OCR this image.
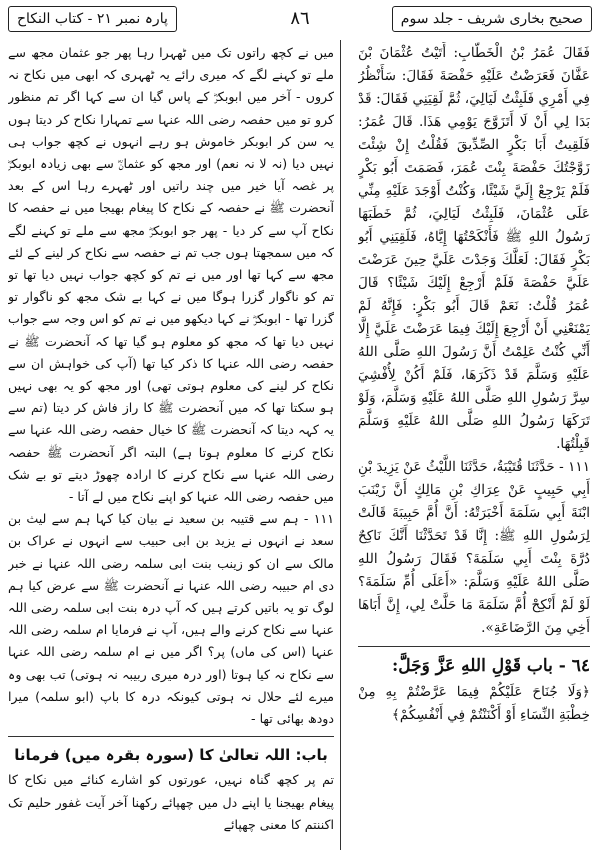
پارہ نمبر ۲۱ - کتاب النکاح	٨٦	صحیح بخاری شریف - جلد سوم

فَقَالَ عُمَرُ بْنُ الْخَطَّابِ: أَتَيْتُ عُثْمَانَ بْنَ عَفَّانَ فَعَرَضْتُ عَلَيْهِ حَفْصَةَ فَقَالَ: سَأَنْظُرُ فِي أَمْرِي فَلَبِثْتُ لَيَالِيَ، ثُمَّ لَقِيَنِي فَقَالَ: قَدْ بَدَا لِي أَنْ لَا أَتَزَوَّجَ يَوْمِي هَذَا. قَالَ عُمَرُ: فَلَقِيتُ أَبَا بَكْرٍ الصِّدِّيقَ فَقُلْتُ إِنْ شِئْتَ زَوَّجْتُكَ حَفْصَةَ بِنْتَ عُمَرَ، فَصَمَتَ أَبُو بَكْرٍ فَلَمْ يَرْجِعْ إِلَيَّ شَيْئًا، وَكُنْتُ أَوْجَدَ عَلَيْهِ مِنِّي عَلَى عُثْمَانَ، فَلَبِثْتُ لَيَالِيَ، ثُمَّ خَطَبَهَا رَسُولُ اللهِ ﷺ فَأَنْكَحْتُهَا إِيَّاهُ، فَلَقِيَنِي أَبُو بَكْرٍ فَقَالَ: لَعَلَّكَ وَجَدْتَ عَلَيَّ حِينَ عَرَضْتَ عَلَيَّ حَفْصَةَ فَلَمْ أَرْجِعْ إِلَيْكَ شَيْئًا؟ قَالَ عُمَرُ قُلْتُ: نَعَمْ قَالَ أَبُو بَكْرٍ: فَإِنَّهُ لَمْ يَمْنَعْنِي أَنْ أَرْجِعَ إِلَيْكَ فِيمَا عَرَضْتَ عَلَيَّ إِلَّا أَنِّي كُنْتُ عَلِمْتُ أَنَّ رَسُولَ اللهِ صَلَّى اللهُ عَلَيْهِ وَسَلَّمَ قَدْ ذَكَرَهَا، فَلَمْ أَكُنْ لِأُفْشِيَ سِرَّ رَسُولِ اللهِ صَلَّى اللهُ عَلَيْهِ وَسَلَّمَ، وَلَوْ تَرَكَهَا رَسُولُ اللهِ صَلَّى اللهُ عَلَيْهِ وَسَلَّمَ قَبِلْتُهَا.

١١١ - حَدَّثَنَا قُتَيْبَةُ، حَدَّثَنَا اللَّيْثُ عَنْ يَزِيدَ بْنِ أَبِي حَبِيبٍ عَنْ عِرَاكِ بْنِ مَالِكٍ أَنَّ زَيْنَبَ ابْنَةَ أَبِي سَلَمَةَ أَخْبَرَتْهُ: أَنَّ أُمَّ حَبِيبَةَ قَالَتْ لِرَسُولِ اللهِ ﷺ: إِنَّا قَدْ تَحَدَّثْنَا أَنَّكَ نَاكِحٌ دُرَّةَ بِنْتَ أَبِي سَلَمَةَ؟ فَقَالَ رَسُولُ اللهِ صَلَّى اللهُ عَلَيْهِ وَسَلَّمَ: «أَعَلَى أُمِّ سَلَمَةَ؟ لَوْ لَمْ أَنْكِحْ أُمَّ سَلَمَةَ مَا حَلَّتْ لِي، إِنَّ أَبَاهَا أَخِي مِنَ الرَّضَاعَةِ».

٦٤ - باب قَوْلِ اللهِ عَزَّ وَجَلَّ:

﴿وَلَا جُنَاحَ عَلَيْكُمْ فِيمَا عَرَّضْتُمْ بِهِ مِنْ خِطْبَةِ النِّسَاءِ أَوْ أَكْنَنْتُمْ فِي أَنْفُسِكُمْ﴾

میں نے کچھ راتوں تک میں ٹھہرا رہا پھر جو عثمان مجھ سے ملے تو کہنے لگے کہ میری رائے یہ ٹھہری کہ ابھی میں نکاح نہ کروں - آخر میں ابوبکرؓ کے پاس گیا ان سے کہا اگر تم منظور کرو تو میں حفصہ رضی اللہ عنہا سے تمہارا نکاح کر دیتا ہوں یہ سن کر ابوبکر خاموش ہو رہے انہوں نے کچھ جواب ہی نہیں دیا (نہ لا نہ نعم) اور مجھ کو عثمانؓ سے بھی زیادہ ابوبکرؓ پر غصہ آیا خیر میں چند راتیں اور ٹھہرے رہا اس کے بعد آنحضرت ﷺ نے حفصہ کے نکاح کا پیغام بھیجا میں نے حفصہ کا نکاح آپ سے کر دیا - پھر جو ابوبکرؓ مجھ سے ملے تو کہنے لگے کہ میں سمجھتا ہوں جب تم نے حفصہ سے نکاح کر لینے کے لئے مجھ سے کہا تھا اور میں نے تم کو کچھ جواب نہیں دیا تھا تو تم کو ناگوار گزرا ہوگا میں نے کہا بے شک مجھ کو ناگوار تو گزرا تھا - ابوبکرؓ نے کہا دیکھو میں نے تم کو اس وجہ سے جواب نہیں دیا تھا کہ مجھ کو معلوم ہو گیا تھا کہ آنحضرت ﷺ نے حفصہ رضی اللہ عنہا کا ذکر کیا تھا (آپ کی خواہش ان سے نکاح کر لینے کی معلوم ہوتی تھی) اور مجھ کو یہ بھی نہیں ہو سکتا تھا کہ میں آنحضرت ﷺ کا راز فاش کر دیتا (تم سے یہ کہہ دیتا کہ آنحضرت ﷺ کا خیال حفصہ رضی اللہ عنہا سے نکاح کرنے کا معلوم ہوتا ہے) البتہ اگر آنحضرت ﷺ حفصہ رضی اللہ عنہا سے نکاح کرنے کا ارادہ چھوڑ دیتے تو بے شک میں حفصہ رضی اللہ عنہا کو اپنے نکاح میں لے آتا -

۱۱۱ - ہم سے قتیبہ بن سعید نے بیان کیا کہا ہم سے لیث بن سعد نے انہوں نے یزید بن ابی حبیب سے انہوں نے عراک بن مالک سے ان کو زینب بنت ابی سلمہ رضی اللہ عنہا نے خبر دی ام حبیبہ رضی اللہ عنہا نے آنحضرت ﷺ سے عرض کیا ہم لوگ تو یہ باتیں کرتے ہیں کہ آپ درہ بنت ابی سلمہ رضی اللہ عنہا سے نکاح کرنے والے ہیں، آپ نے فرمایا ام سلمہ رضی اللہ عنہا (اس کی ماں) پر؟ اگر میں نے ام سلمہ رضی اللہ عنہا سے نکاح نہ کیا ہوتا (اور درہ میری ربیبہ نہ ہوتی) تب بھی وہ میرے لئے حلال نہ ہوتی کیونکہ درہ کا باپ (ابو سلمہ) میرا دودھ بھائی تھا -

باب: اللہ تعالیٰ کا (سورہ بقرہ میں) فرمانا

تم پر کچھ گناہ نہیں، عورتوں کو اشارے کنائے میں نکاح کا پیغام بھیجنا یا اپنے دل میں چھپائے رکھنا آخر آیت غفور حلیم تک اکننتم کا معنی چھپائے
